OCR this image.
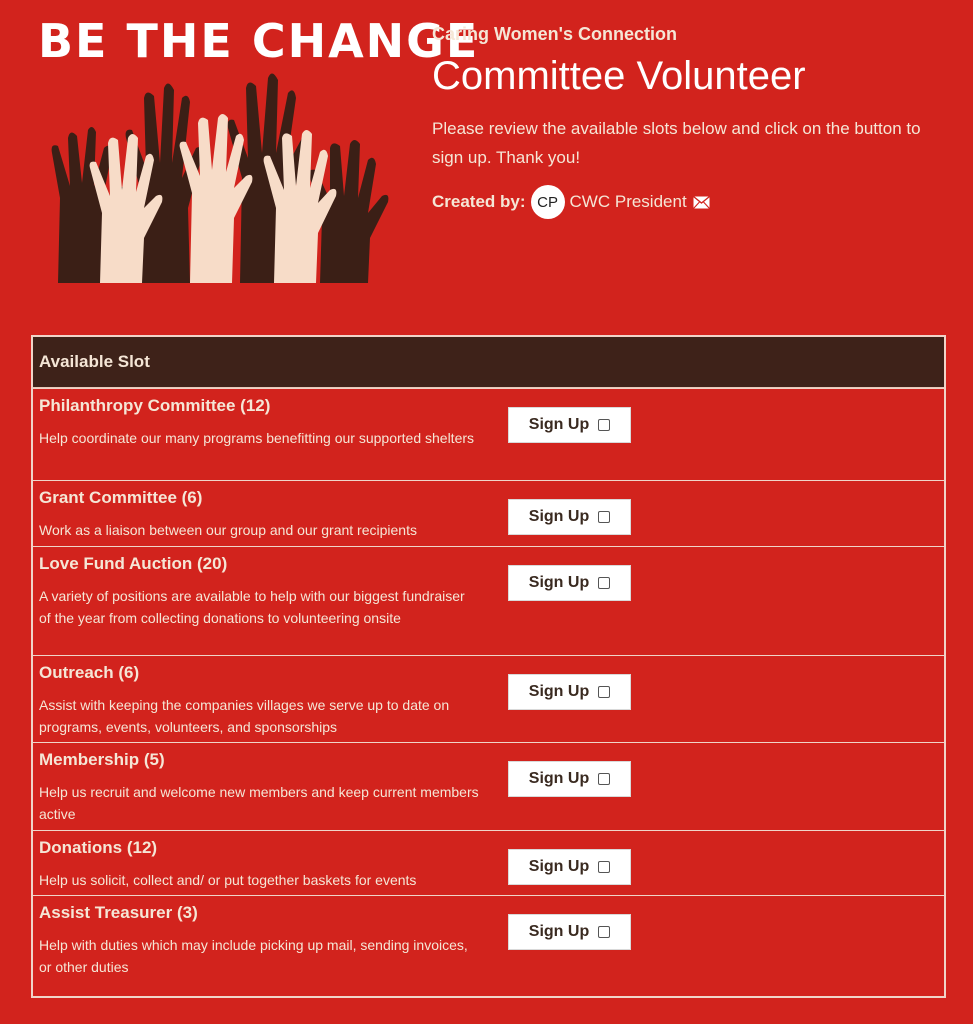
BE THE CHANGE

Caring Women's Connection

Committee Volunteer

Please review the available slots below and click on the button to sign up. Thank you!

Created by: CP CWC President
Available Slot
Philanthropy Committee (12)
Help coordinate our many programs benefitting our supported shelters
Sign Up
Grant Committee (6)
Work as a liaison between our group and our grant recipients
Sign Up
Love Fund Auction (20)
A variety of positions are available to help with our biggest fundraiser of the year from collecting donations to volunteering onsite
Sign Up
Outreach (6)
Assist with keeping the companies villages we serve up to date on programs, events, volunteers, and sponsorships
Sign Up
Membership (5)
Help us recruit and welcome new members and keep current members active
Sign Up
Donations (12)
Help us solicit, collect and/ or put together baskets for events
Sign Up
Assist Treasurer (3)
Help with duties which may include picking up mail, sending invoices, or other duties
Sign Up
